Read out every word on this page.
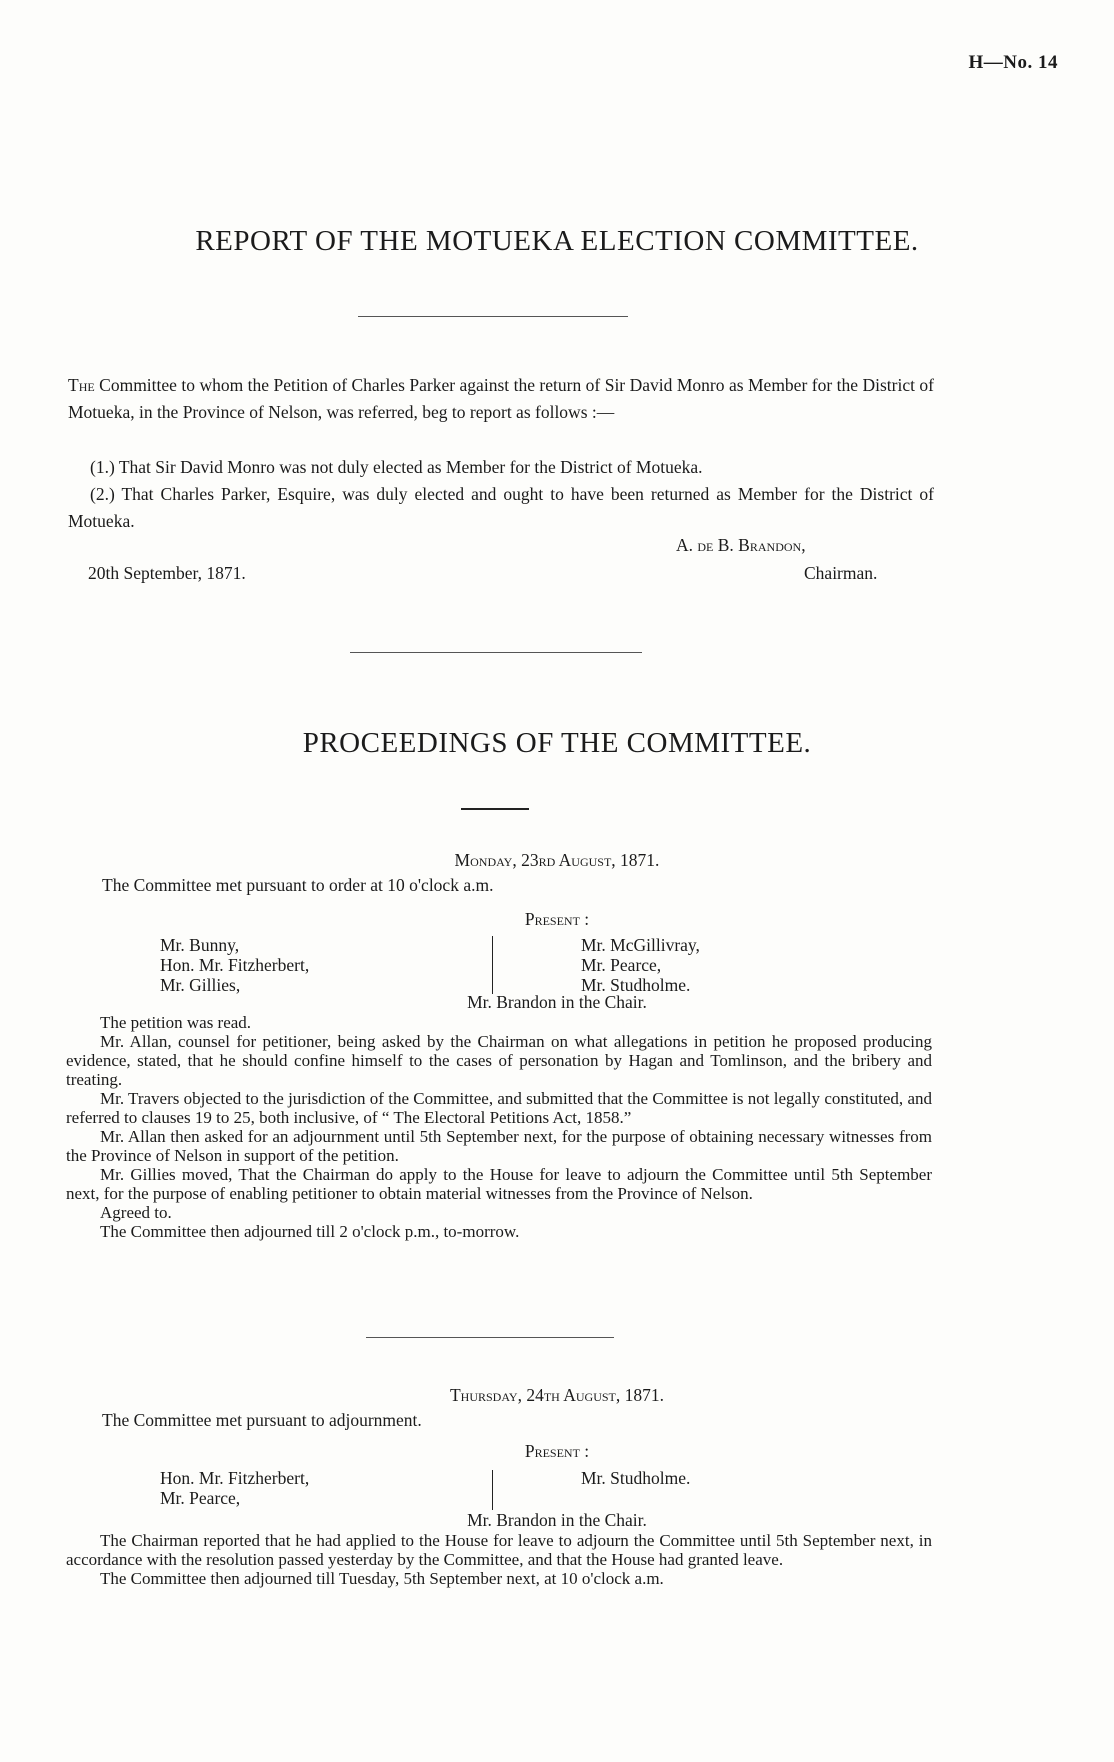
H—No. 14
REPORT OF THE MOTUEKA ELECTION COMMITTEE.
The Committee to whom the Petition of Charles Parker against the return of Sir David Monro as Member for the District of Motueka, in the Province of Nelson, was referred, beg to report as follows :—
(1.) That Sir David Monro was not duly elected as Member for the District of Motueka.
(2.) That Charles Parker, Esquire, was duly elected and ought to have been returned as Member for the District of Motueka.
A. de B. Brandon,
20th September, 1871.	Chairman.
PROCEEDINGS OF THE COMMITTEE.
Monday, 23rd August, 1871.
The Committee met pursuant to order at 10 o'clock a.m.
Present :
Mr. Bunny,
Hon. Mr. Fitzherbert,
Mr. Gillies,
Mr. McGillivray,
Mr. Pearce,
Mr. Studholme.
Mr. Brandon in the Chair.

The petition was read.

Mr. Allan, counsel for petitioner, being asked by the Chairman on what allegations in petition he proposed producing evidence, stated, that he should confine himself to the cases of personation by Hagan and Tomlinson, and the bribery and treating.

Mr. Travers objected to the jurisdiction of the Committee, and submitted that the Committee is not legally constituted, and referred to clauses 19 to 25, both inclusive, of “ The Electoral Petitions Act, 1858.”

Mr. Allan then asked for an adjournment until 5th September next, for the purpose of obtaining necessary witnesses from the Province of Nelson in support of the petition.

Mr. Gillies moved, That the Chairman do apply to the House for leave to adjourn the Committee until 5th September next, for the purpose of enabling petitioner to obtain material witnesses from the Province of Nelson.

Agreed to.

The Committee then adjourned till 2 o'clock p.m., to-morrow.

Thursday, 24th August, 1871.
The Committee met pursuant to adjournment.
Present :
Hon. Mr. Fitzherbert,
Mr. Pearce,
Mr. Studholme.
Mr. Brandon in the Chair.

The Chairman reported that he had applied to the House for leave to adjourn the Committee until 5th September next, in accordance with the resolution passed yesterday by the Committee, and that the House had granted leave.

The Committee then adjourned till Tuesday, 5th September next, at 10 o'clock a.m.
